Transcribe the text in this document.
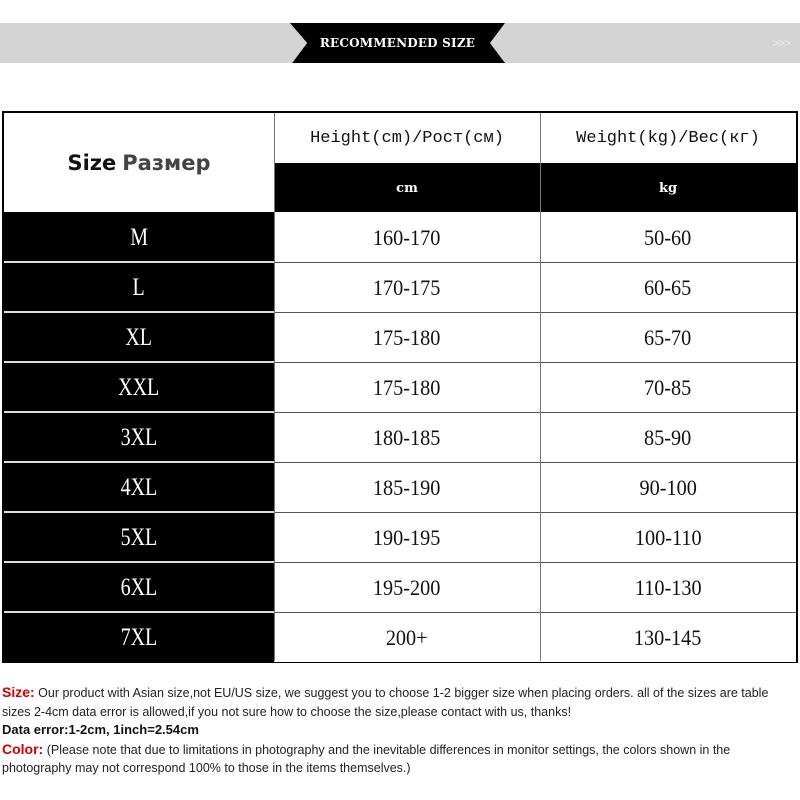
RECOMMENDED SIZE	>>>
Size Размер
Height(cm)/Рост(см)
cm
Weight(kg)/Вес(кг)
kg
M	160-170	50-60
L	170-175	60-65
XL	175-180	65-70
XXL	175-180	70-85
3XL	180-185	85-90
4XL	185-190	90-100
5XL	190-195	100-110
6XL	195-200	110-130
7XL	200+	130-145

Size: Our product with Asian size,not EU/US size, we suggest you to choose 1-2 bigger size when placing orders. all of the sizes are table sizes 2-4cm data error is allowed,if you not sure how to choose the size,please contact with us, thanks!

Data error:1-2cm, 1inch=2.54cm

Color: (Please note that due to limitations in photography and the inevitable differences in monitor settings, the colors shown in the photography may not correspond 100% to those in the items themselves.)
